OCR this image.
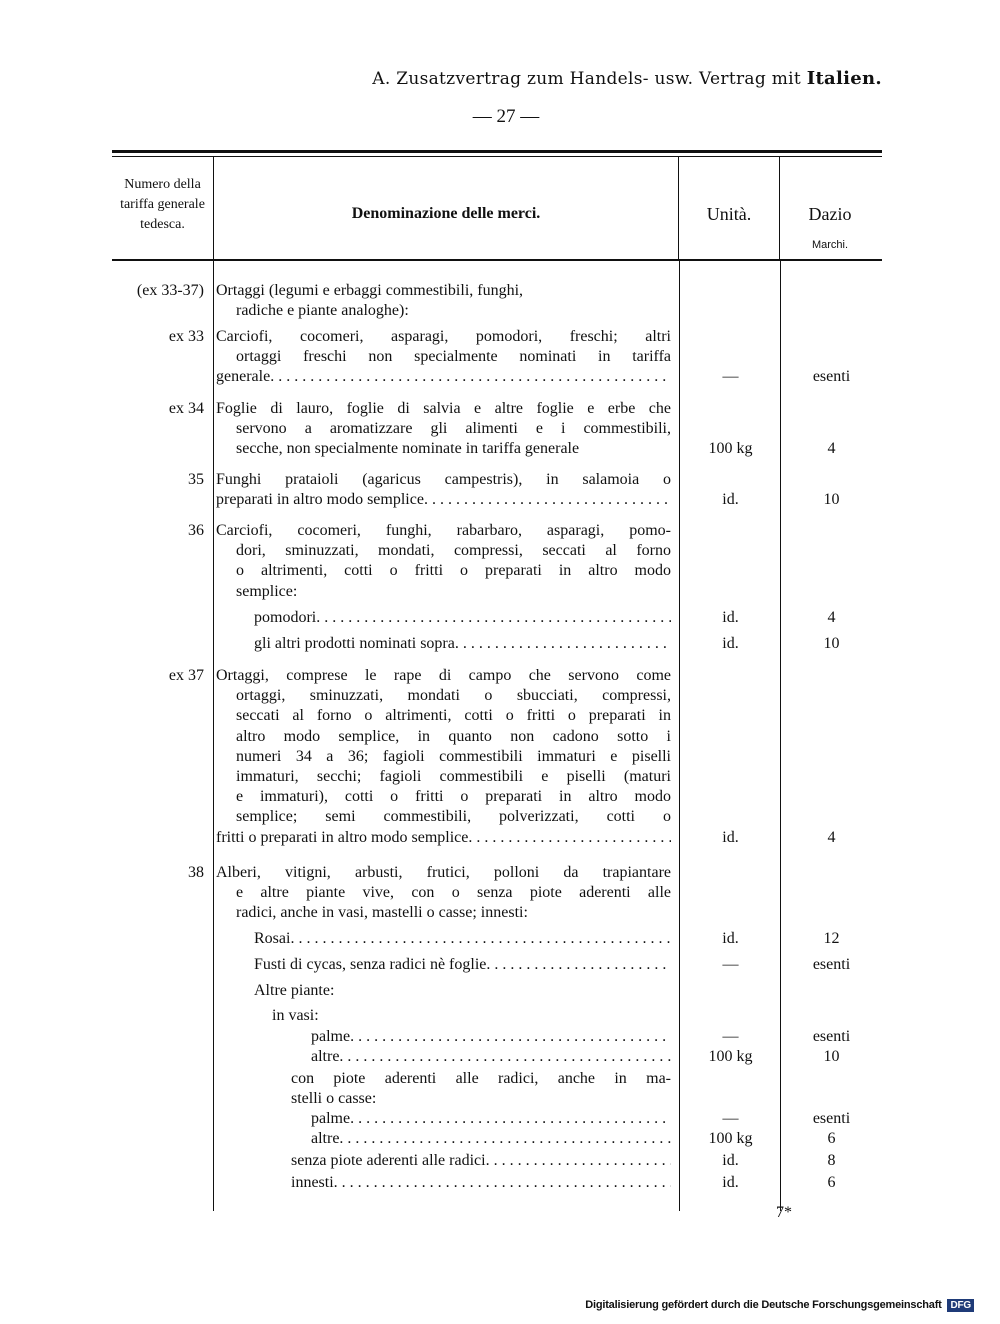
A. Zusatzvertrag zum Handels- usw. Vertrag mit Italien.
— 27 —
Numero della tariffa generale tedesca.
Denominazione delle merci.	Unità.	Dazio
Marchi.
(ex 33-37) Ortaggi (legumi e erbaggi commestibili, funghi,
radiche e piante analoghe):
ex 33 Carciofi, cocomeri, asparagi, pomodori, freschi; altri
ortaggi freschi non specialmente nominati in tariffa
generale . . .	—	esenti
ex 34 Foglie di lauro, foglie di salvia e altre foglie e erbe che
servono a aromatizzare gli alimenti e i commestibili,
secche, non specialmente nominate in tariffa generale	100 kg	4
35 Funghi prataioli (agaricus campestris), in salamoia o
preparati in altro modo semplice . . .	id.	10
36 Carciofi, cocomeri, funghi, rabarbaro, asparagi, pomo-
dori, sminuzzati, mondati, compressi, seccati al forno
o altrimenti, cotti o fritti o preparati in altro modo
semplice:
pomodori . . .	id.	4
gli altri prodotti nominati sopra . . .	id.	10
ex 37 Ortaggi, comprese le rape di campo che servono come
ortaggi, sminuzzati, mondati o sbucciati, compressi,
seccati al forno o altrimenti, cotti o fritti o preparati in
altro modo semplice, in quanto non cadono sotto i
numeri 34 a 36; fagioli commestibili immaturi e piselli
immaturi, secchi; fagioli commestibili e piselli (maturi
e immaturi), cotti o fritti o preparati in altro modo
semplice; semi commestibili, polverizzati, cotti o
fritti o preparati in altro modo semplice . . .	id.	4
38 Alberi, vitigni, arbusti, frutici, polloni da trapiantare
e altre piante vive, con o senza piote aderenti alle
radici, anche in vasi, mastelli o casse; innesti:
Rosai . . .	id.	12
Fusti di cycas, senza radici nè foglie . . .	—	esenti
Altre piante:
in vasi:
palme . . .	—	esenti
altre . . .	100 kg	10
con piote aderenti alle radici, anche in ma-
stelli o casse:
palme . . .	—	esenti
altre . . .	100 kg	6
senza piote aderenti alle radici . . .	id.	8
innesti . . .	id.	6
7*
Digitalisierung gefördert durch die Deutsche Forschungsgemeinschaft DFG
